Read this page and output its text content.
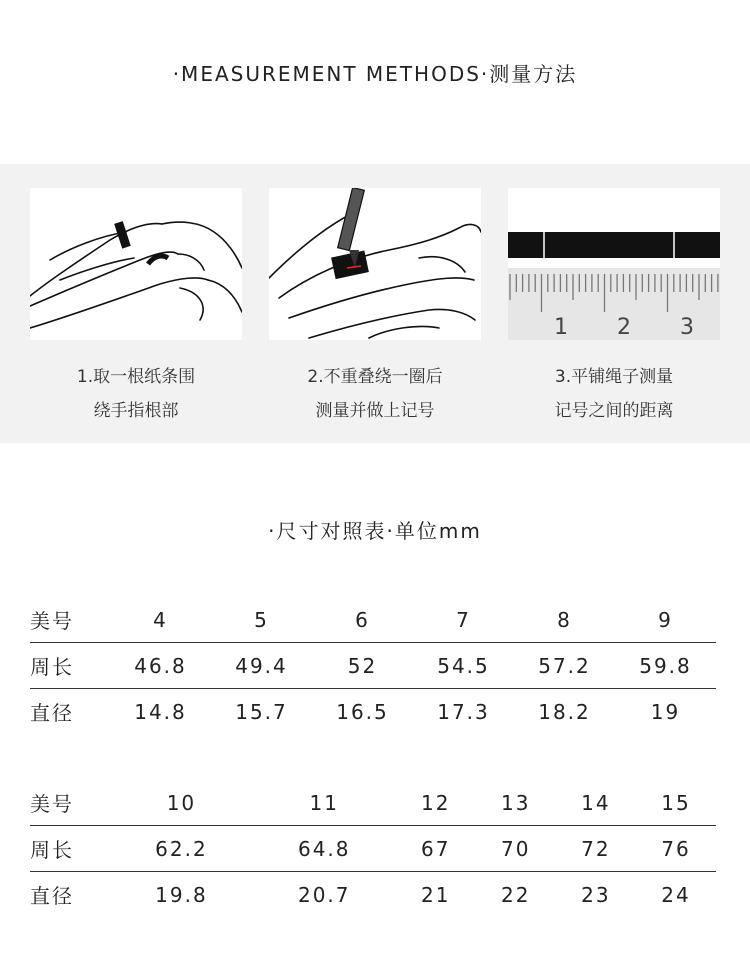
·MEASUREMENT METHODS·测量方法
1 2 3
1.取一根纸条围
绕手指根部
2.不重叠绕一圈后
测量并做上记号
3.平铺绳子测量
记号之间的距离
·尺寸对照表·单位mm
美号	4	5	6	7	8	9
周长	46.8	49.4	52	54.5	57.2	59.8
直径	14.8	15.7	16.5	17.3	18.2	19
美号	10	11	12	13	14	15
周长	62.2	64.8	67	70	72	76
直径	19.8	20.7	21	22	23	24
